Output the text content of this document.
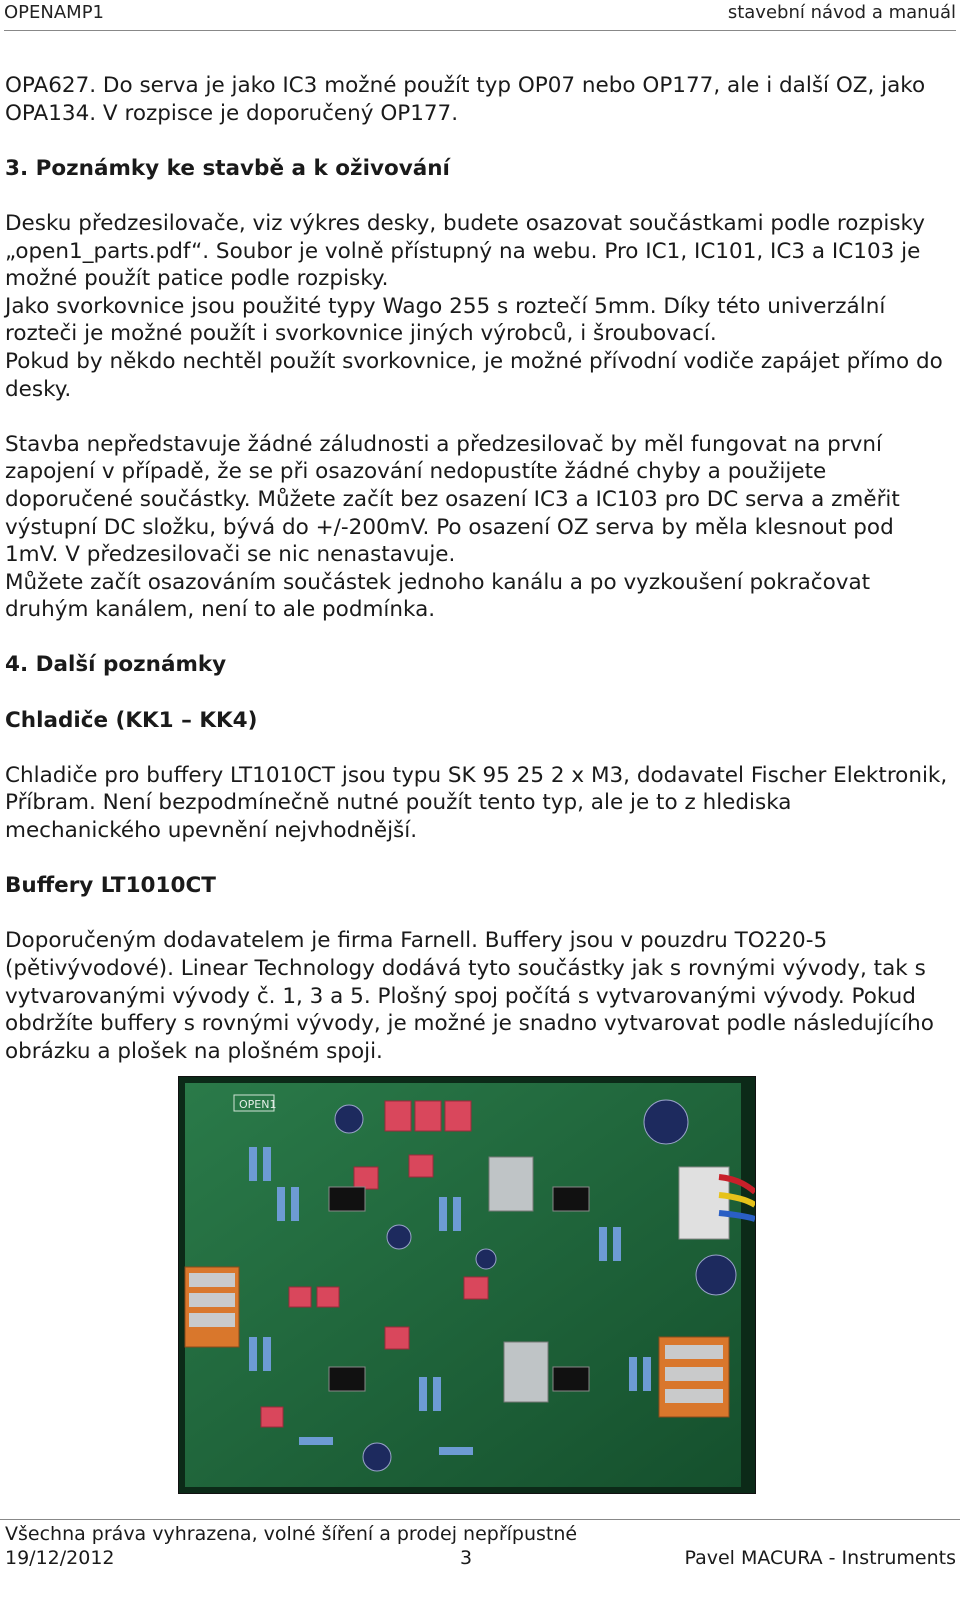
OPENAMP1	stavební návod a manuál

OPA627. Do serva je jako IC3 možné použít typ OP07 nebo OP177, ale i další OZ, jako OPA134. V rozpisce je doporučený OP177.

3. Poznámky ke stavbě a k oživování

Desku předzesilovače, viz výkres desky, budete osazovat součástkami podle rozpisky „open1_parts.pdf“. Soubor je volně přístupný na webu. Pro IC1, IC101, IC3 a IC103 je možné použít patice podle rozpisky.

Jako svorkovnice jsou použité typy Wago 255 s roztečí 5mm. Díky této univerzální rozteči je možné použít i svorkovnice jiných výrobců, i šroubovací.

Pokud by někdo nechtěl použít svorkovnice, je možné přívodní vodiče zapájet přímo do desky.

Stavba nepředstavuje žádné záludnosti a předzesilovač by měl fungovat na první zapojení v případě, že se při osazování nedopustíte žádné chyby a použijete doporučené součástky. Můžete začít bez osazení IC3 a IC103 pro DC serva a změřit výstupní DC složku, bývá do +/-200mV. Po osazení OZ serva by měla klesnout pod 1mV. V předzesilovači se nic nenastavuje.

Můžete začít osazováním součástek jednoho kanálu a po vyzkoušení pokračovat druhým kanálem, není to ale podmínka.

4. Další poznámky
Chladiče (KK1 – KK4)

Chladiče pro buffery LT1010CT jsou typu SK 95 25 2 x M3, dodavatel Fischer Elektronik, Příbram. Není bezpodmínečně nutné použít tento typ, ale je to z hlediska mechanického upevnění nejvhodnější.

Buffery LT1010CT

Doporučeným dodavatelem je firma Farnell. Buffery jsou v pouzdru TO220-5 (pětivývodové). Linear Technology dodává tyto součástky jak s rovnými vývody, tak s vytvarovanými vývody č. 1, 3 a 5. Plošný spoj počítá s vytvarovanými vývody. Pokud obdržíte buffery s rovnými vývody, je možné je snadno vytvarovat podle následujícího obrázku a plošek na plošném spoji.

OPEN1
Všechna práva vyhrazena, volné šíření a prodej nepřípustné
19/12/2012	3	Pavel MACURA - Instruments
